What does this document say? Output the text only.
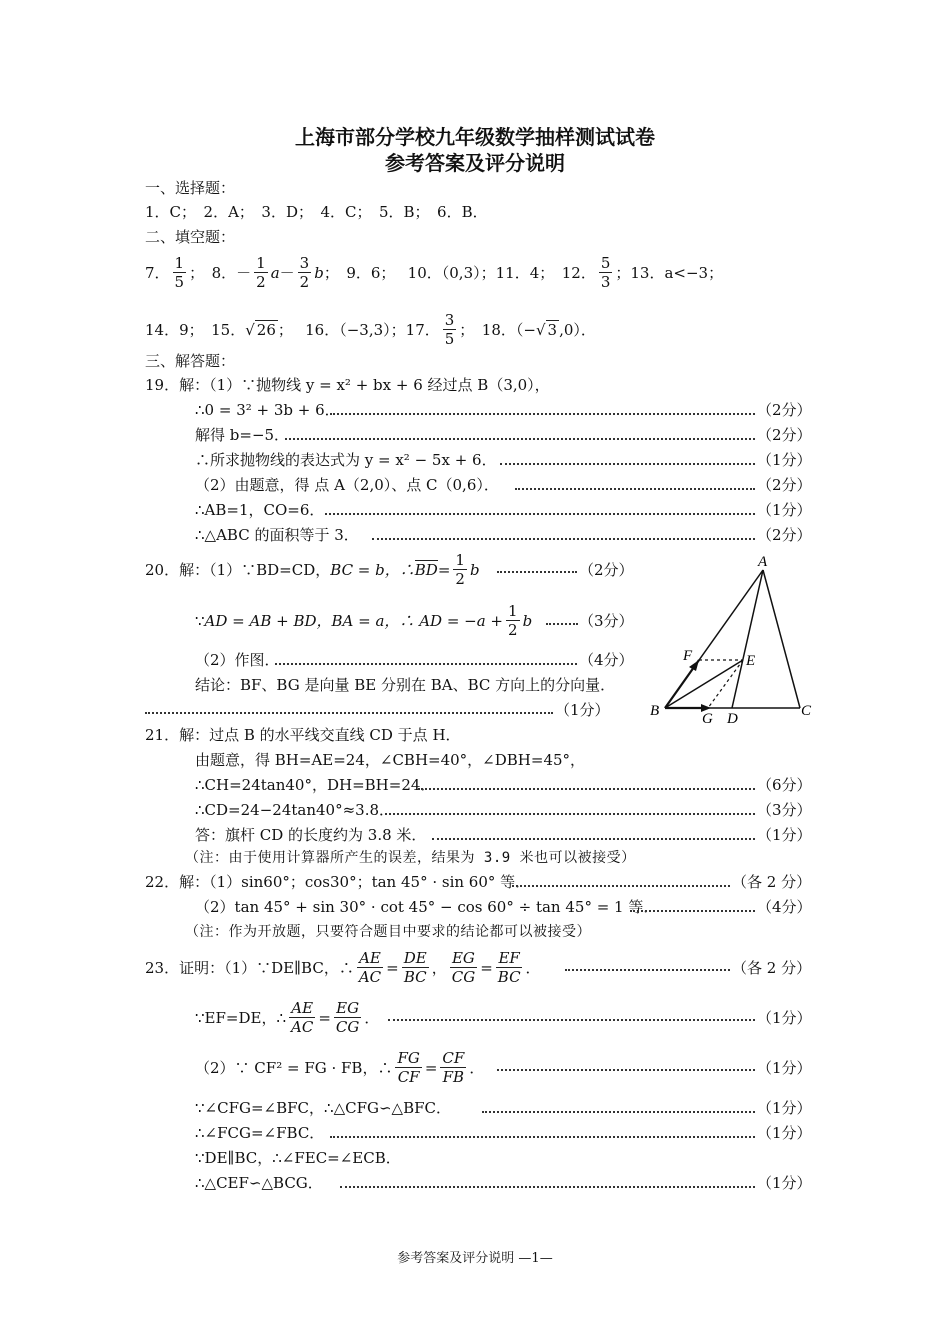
上海市部分学校九年级数学抽样测试试卷
参考答案及评分说明
一、选择题：
1．C；　2．A；　3．D；　4．C；　5．B；　6．B．
二、填空题：
7． $\frac{1}{5}$ ；　8．－ $\frac{1}{2}$ $a - \frac{3}{2}$ b ；　9．6；　 10．（0,3）；11．4；　12． $\frac{5}{3}$ ；13．a<−3；
14．9；　15． √ 26 ；　 16．（−3,3）；17． $\frac{3}{5}$ ；　18．（− √ 3 ,0）．
三、解答题：
19．解：（1）∵抛物线 y = x² + bx + 6 经过点 B（3,0），
∴0 = 3² + 3b + 6．	（2分）
解得 b=−5．	（2分）
∴所求抛物线的表达式为 y = x² − 5x + 6．	（1分）
（2）由题意，得 点 A（2,0）、点 C（0,6）．	（2分）
∴AB=1，CO=6．	（1分）
∴△ABC 的面积等于 3．	（2分）
20．解：（1）∵BD=CD， BC = b，∴ BD = $\frac{1}{2}$ b	（2分）
∵ AD = AB + BD，BA = a，∴ AD = $-a + \frac{1}{2}$ b	（3分）
（2）作图．	（4分）
结论：BF、BG 是向量 BE 分别在 BA、BC 方向上的分向量．
（1分）
A
B	C
D
E
F
G
21．解：过点 B 的水平线交直线 CD 于点 H．
由题意，得 BH=AE=24，∠CBH=40°，∠DBH=45°，
∴CH=24tan40°，DH=BH=24．	（6分）
∴CD=24−24tan40°≈3.8．	（3分）
答：旗杆 CD 的长度约为 3.8 米．	（1分）
（注：由于使用计算器所产生的误差，结果为 3.9 米也可以被接受）
22．解：（1）sin60°；cos30°；tan 45° · sin 60° 等．	（各 2 分）
（2）tan 45° + sin 30° · cot 45° − cos 60° ÷ tan 45° = 1 等．	（4分）
（注：作为开放题，只要符合题目中要求的结论都可以被接受）
23．证明：（1）∵DE∥BC，∴ $\frac{AE}{AC} = \frac{DE}{BC}$ ， $\frac{EG}{CG} = \frac{EF}{BC}$ ．	（各 2 分）
∵EF=DE，∴ $\frac{AE}{AC} = \frac{EG}{CG}$ ．	（1分）
（2）∵ CF² = FG · FB，∴ $\frac{FG}{CF} = \frac{CF}{FB}$ ．	（1分）
∵∠CFG=∠BFC，∴△CFG∽△BFC．	（1分）
∴∠FCG=∠FBC．	（1分）
∵DE∥BC，∴∠FEC=∠ECB．
∴△CEF∽△BCG．	（1分）
参考答案及评分说明 —1—
